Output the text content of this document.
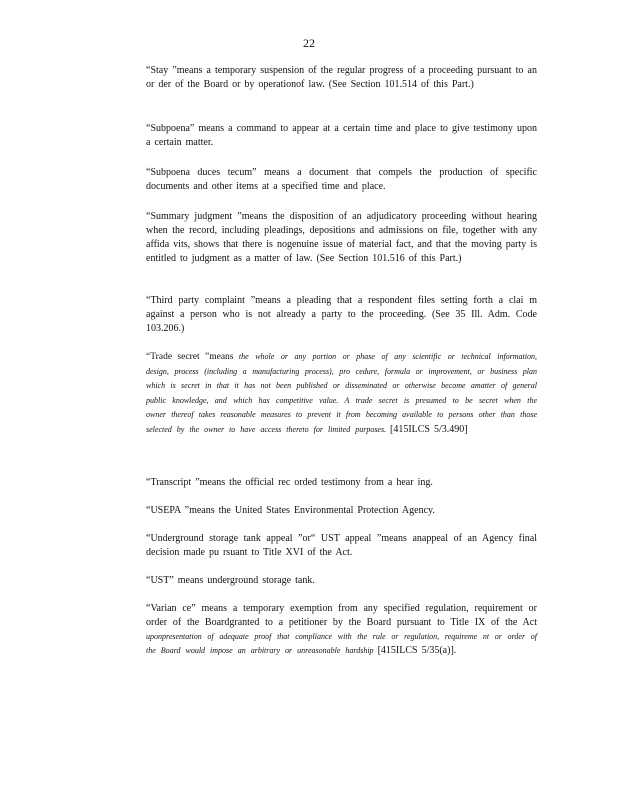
22

“Stay ”means a temporary suspension of the regular progress of a proceeding pursuant to an or der of the Board or by operationof law. (See Section 101.514 of this Part.)

“Subpoena” means a command to appear at a certain time and place to give testimony upon a certain matter.

“Subpoena duces tecum” means a document that compels the production of specific documents and other items at a specified time and place.

“Summary judgment ”means the disposition of an adjudicatory proceeding without hearing when the record, including pleadings, depositions and admissions on file, together with any affida vits, shows that there is nogenuine issue of material fact, and that the moving party is entitled to judgment as a matter of law. (See Section 101.516 of this Part.)

“Third party complaint ”means a pleading that a respondent files setting forth a clai m against a person who is not already a party to the proceeding. (See 35 Ill. Adm. Code 103.206.)

“Trade secret ”means the whole or any portion or phase of any scientific or technical information, design, process (including a manufacturing process), pro cedure, formula or improvement, or business plan which is secret in that it has not been published or disseminated or otherwise become amatter of general public knowledge, and which has competitive value. A trade secret is presumed to be secret when the owner thereof takes reasonable measures to prevent it from becoming available to persons other than those selected by the owner to have access thereto for limited purposes. [415ILCS 5/3.490]

“Transcript ”means the official rec orded testimony from a hear ing.

“USEPA ”means the United States Environmental Protection Agency.

“Underground storage tank appeal ”or“ UST appeal ”means anappeal of an Agency final decision made pu rsuant to Title XVI of the Act.

“UST” means underground storage tank.

“Varian ce” means a temporary exemption from any specified regulation, requirement or order of the Boardgranted to a petitioner by the Board pursuant to Title IX of the Act uponpresentation of adequate proof that compliance with the rule or regulation, requireme nt or order of the Board would impose an arbitrary or unreasonable hardship [415ILCS 5/35(a)].
